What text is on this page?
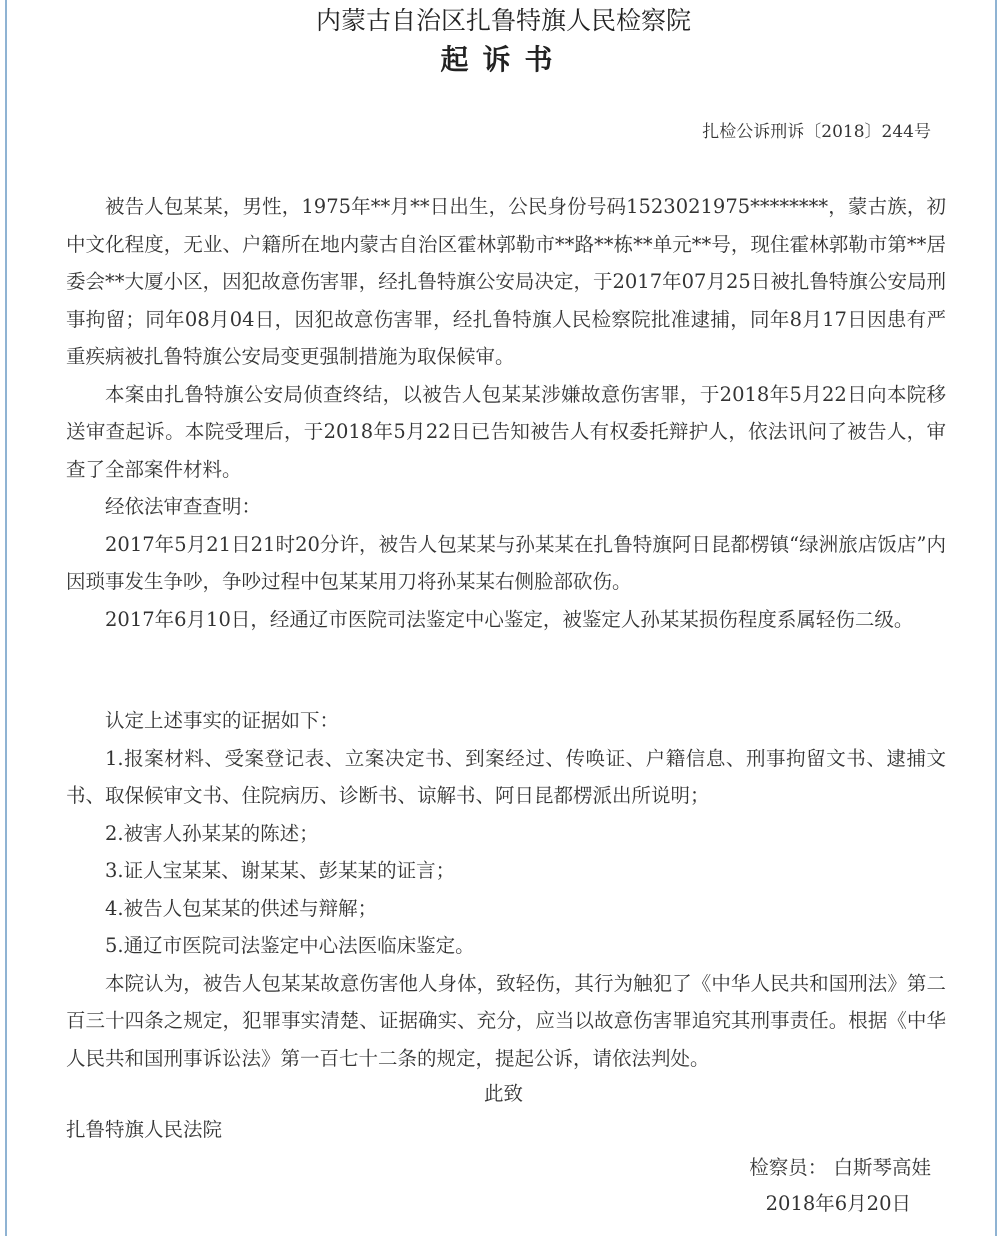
内蒙古自治区扎鲁特旗人民检察院
起诉书
扎检公诉刑诉〔2018〕244号

被告人包某某，男性，1975年**月**日出生，公民身份号码1523021975********，蒙古族，初中文化程度，无业、户籍所在地内蒙古自治区霍林郭勒市**路**栋**单元**号，现住霍林郭勒市第**居委会**大厦小区，因犯故意伤害罪，经扎鲁特旗公安局决定，于2017年07月25日被扎鲁特旗公安局刑事拘留；同年08月04日，因犯故意伤害罪，经扎鲁特旗人民检察院批准逮捕，同年8月17日因患有严重疾病被扎鲁特旗公安局变更强制措施为取保候审。

本案由扎鲁特旗公安局侦查终结，以被告人包某某涉嫌故意伤害罪，于2018年5月22日向本院移送审查起诉。本院受理后，于2018年5月22日已告知被告人有权委托辩护人，依法讯问了被告人，审查了全部案件材料。

经依法审查查明：

2017年5月21日21时20分许，被告人包某某与孙某某在扎鲁特旗阿日昆都楞镇“绿洲旅店饭店”内因琐事发生争吵，争吵过程中包某某用刀将孙某某右侧脸部砍伤。

2017年6月10日，经通辽市医院司法鉴定中心鉴定，被鉴定人孙某某损伤程度系属轻伤二级。

认定上述事实的证据如下：

1.报案材料、受案登记表、立案决定书、到案经过、传唤证、户籍信息、刑事拘留文书、逮捕文书、取保候审文书、住院病历、诊断书、谅解书、阿日昆都楞派出所说明；

2.被害人孙某某的陈述；

3.证人宝某某、谢某某、彭某某的证言；

4.被告人包某某的供述与辩解；

5.通辽市医院司法鉴定中心法医临床鉴定。

本院认为，被告人包某某故意伤害他人身体，致轻伤，其行为触犯了《中华人民共和国刑法》第二百三十四条之规定，犯罪事实清楚、证据确实、充分，应当以故意伤害罪追究其刑事责任。根据《中华人民共和国刑事诉讼法》第一百七十二条的规定，提起公诉，请依法判处。

此致
扎鲁特旗人民法院
检察员： 白斯琴高娃
2018年6月20日
